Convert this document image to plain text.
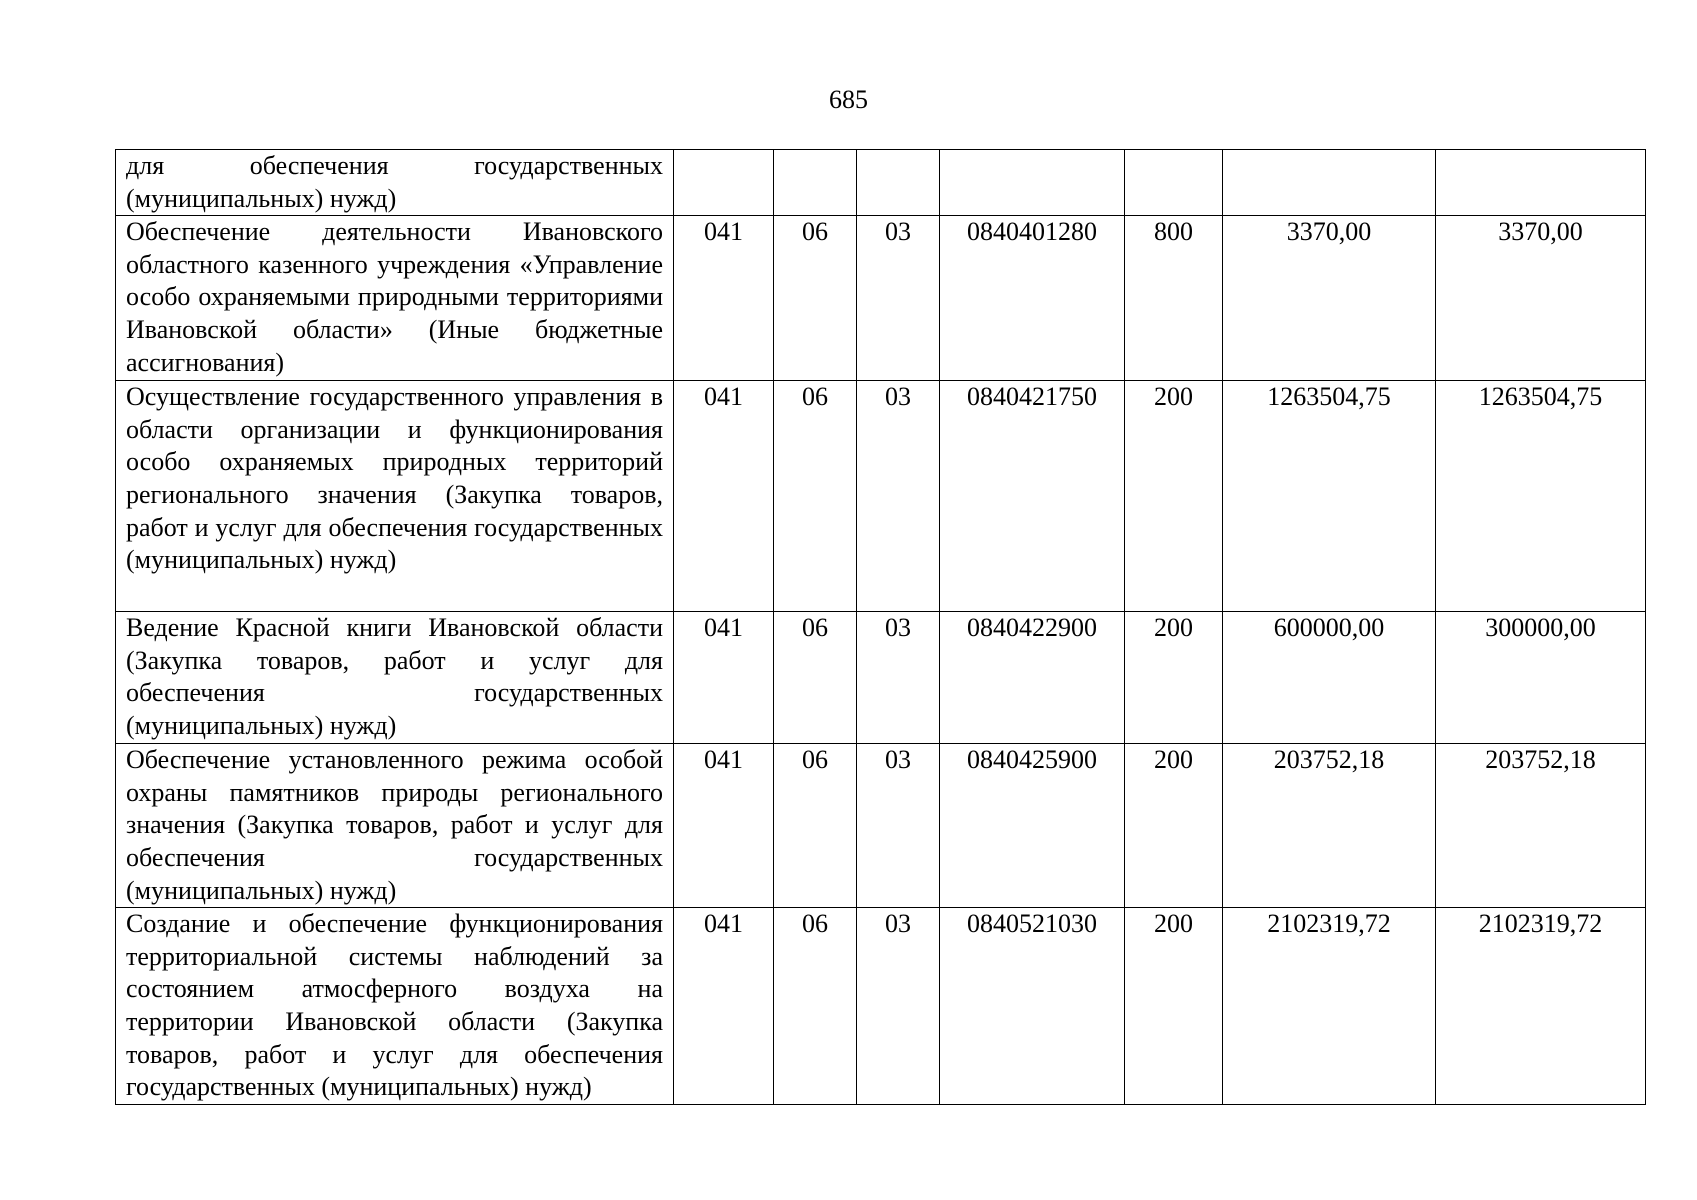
685
для обеспечения государственных (муниципальных) нужд)							
Обеспечение деятельности Ивановского областного казенного учреждения «Управление особо охраняемыми природными территориями Ивановской области» (Иные бюджетные ассигнования)	041	06	03	0840401280	800	3370,00	3370,00
Осуществление государственного управления в области организации и функционирования особо охраняемых природных территорий регионального значения (Закупка товаров, работ и услуг для обеспечения государственных (муниципальных) нужд)	041	06	03	0840421750	200	1263504,75	1263504,75
Ведение Красной книги Ивановской области (Закупка товаров, работ и услуг для обеспечения государственных (муниципальных) нужд)	041	06	03	0840422900	200	600000,00	300000,00
Обеспечение установленного режима особой охраны памятников природы регионального значения (Закупка товаров, работ и услуг для обеспечения государственных (муниципальных) нужд)	041	06	03	0840425900	200	203752,18	203752,18
Создание и обеспечение функционирования территориальной системы наблюдений за состоянием атмосферного воздуха на территории Ивановской области (Закупка товаров, работ и услуг для обеспечения государственных (муниципальных) нужд)	041	06	03	0840521030	200	2102319,72	2102319,72
